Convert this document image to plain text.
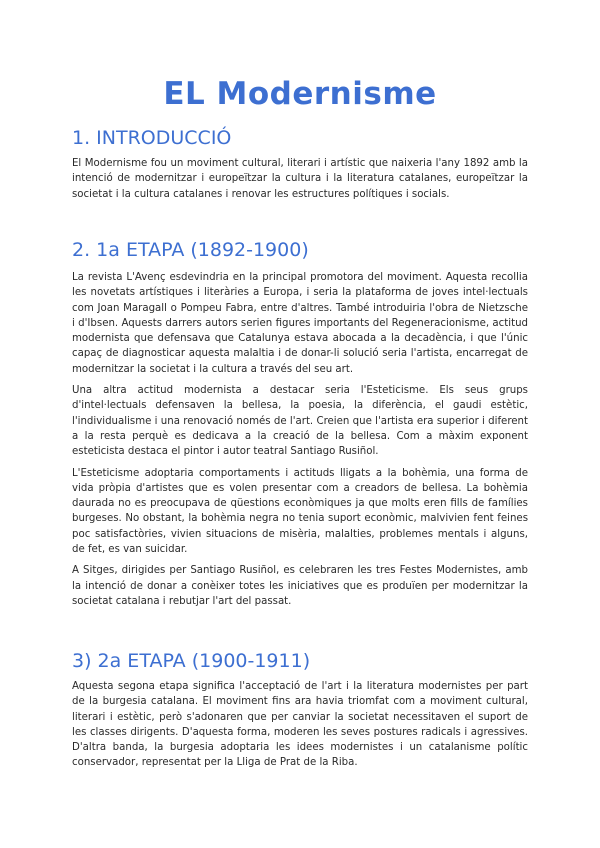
EL Modernisme
1. INTRODUCCIÓ

El Modernisme fou un moviment cultural, literari i artístic que naixeria l'any 1892 amb la intenció de modernitzar i europeïtzar la cultura i la literatura catalanes, europeïtzar la societat i la cultura catalanes i renovar les estructures polítiques i socials.

2. 1a ETAPA (1892-1900)

La revista L'Avenç esdevindria en la principal promotora del moviment. Aquesta recollia les novetats artístiques i literàries a Europa, i seria la plataforma de joves intel·lectuals com Joan Maragall o Pompeu Fabra, entre d'altres. També introduiria l'obra de Nietzsche i d'Ibsen. Aquests darrers autors serien figures importants del Regeneracionisme, actitud modernista que defensava que Catalunya estava abocada a la decadència, i que l'únic capaç de diagnosticar aquesta malaltia i de donar-li solució seria l'artista, encarregat de modernitzar la societat i la cultura a través del seu art.

Una altra actitud modernista a destacar seria l'Esteticisme. Els seus grups d'intel·lectuals defensaven la bellesa, la poesia, la diferència, el gaudi estètic, l'individualisme i una renovació només de l'art. Creien que l'artista era superior i diferent a la resta perquè es dedicava a la creació de la bellesa. Com a màxim exponent esteticista destaca el pintor i autor teatral Santiago Rusiñol.

L'Esteticisme adoptaria comportaments i actituds lligats a la bohèmia, una forma de vida pròpia d'artistes que es volen presentar com a creadors de bellesa. La bohèmia daurada no es preocupava de qüestions econòmiques ja que molts eren fills de famílies burgeses. No obstant, la bohèmia negra no tenia suport econòmic, malvivien fent feines poc satisfactòries, vivien situacions de misèria, malalties, problemes mentals i alguns, de fet, es van suicidar.

A Sitges, dirigides per Santiago Rusiñol, es celebraren les tres Festes Modernistes, amb la intenció de donar a conèixer totes les iniciatives que es produïen per modernitzar la societat catalana i rebutjar l'art del passat.

3) 2a ETAPA (1900-1911)

Aquesta segona etapa significa l'acceptació de l'art i la literatura modernistes per part de la burgesia catalana. El moviment fins ara havia triomfat com a moviment cultural, literari i estètic, però s'adonaren que per canviar la societat necessitaven el suport de les classes dirigents. D'aquesta forma, moderen les seves postures radicals i agressives. D'altra banda, la burgesia adoptaria les idees modernistes i un catalanisme polític conservador, representat per la Lliga de Prat de la Riba.
